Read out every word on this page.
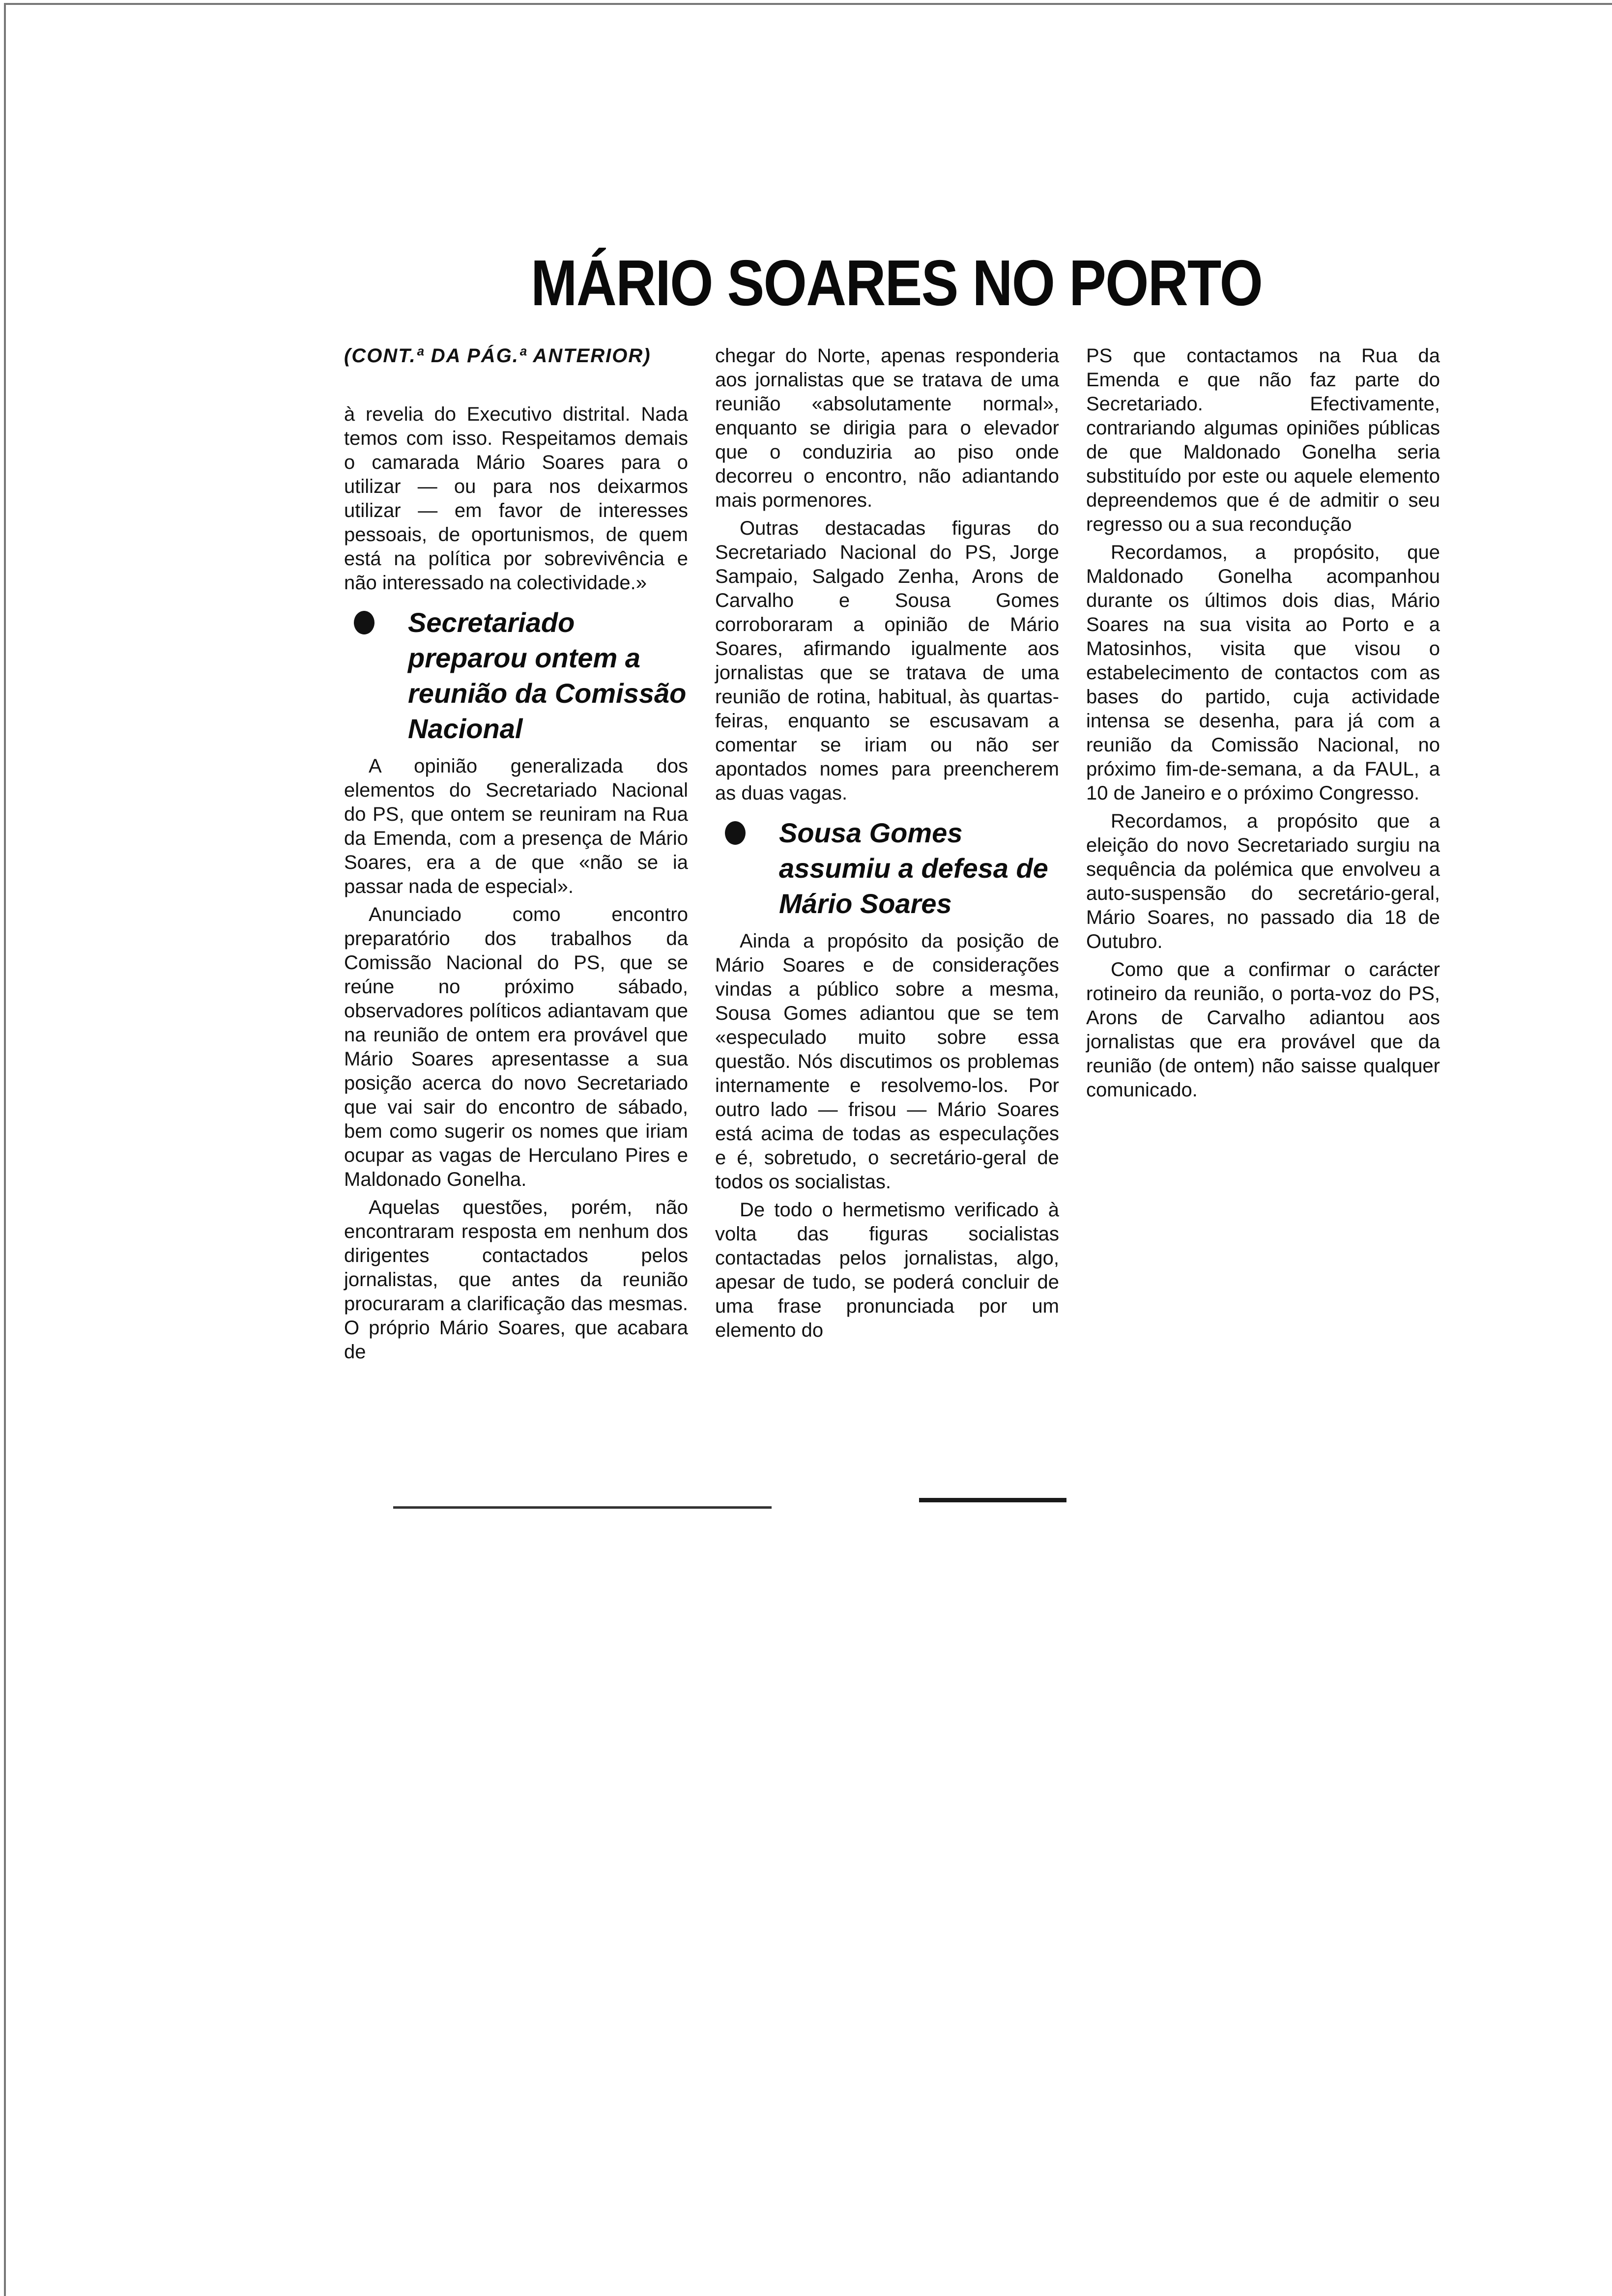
MÁRIO SOARES NO PORTO
(CONT.ª DA PÁG.ª ANTERIOR)

à revelia do Executivo distrital. Nada temos com isso. Respeitamos demais o camarada Mário Soares para o utilizar — ou para nos deixarmos utilizar — em favor de interesses pessoais, de oportunismos, de quem está na política por sobrevivência e não interessado na colectividade.»

Secretariado preparou ontem a reunião da Comissão Nacional

A opinião generalizada dos elementos do Secretariado Nacional do PS, que ontem se reuniram na Rua da Emenda, com a presença de Mário Soares, era a de que «não se ia passar nada de especial».

Anunciado como encontro preparatório dos trabalhos da Comissão Nacional do PS, que se reúne no próximo sábado, observadores políticos adiantavam que na reunião de ontem era provável que Mário Soares apresentasse a sua posição acerca do novo Secretariado que vai sair do encontro de sábado, bem como sugerir os nomes que iriam ocupar as vagas de Herculano Pires e Maldonado Gonelha.

Aquelas questões, porém, não encontraram resposta em nenhum dos dirigentes contactados pelos jornalistas, que antes da reunião procuraram a clarificação das mesmas. O próprio Mário Soares, que acabara de

chegar do Norte, apenas responderia aos jornalistas que se tratava de uma reunião «absolutamente normal», enquanto se dirigia para o elevador que o conduziria ao piso onde decorreu o encontro, não adiantando mais pormenores.

Outras destacadas figuras do Secretariado Nacional do PS, Jorge Sampaio, Salgado Zenha, Arons de Carvalho e Sousa Gomes corroboraram a opinião de Mário Soares, afirmando igualmente aos jornalistas que se tratava de uma reunião de rotina, habitual, às quartas-feiras, enquanto se escusavam a comentar se iriam ou não ser apontados nomes para preencherem as duas vagas.

Sousa Gomes assumiu a defesa de Mário Soares

Ainda a propósito da posição de Mário Soares e de considerações vindas a público sobre a mesma, Sousa Gomes adiantou que se tem «especulado muito sobre essa questão. Nós discutimos os problemas internamente e resolvemo-los. Por outro lado — frisou — Mário Soares está acima de todas as especulações e é, sobretudo, o secretário-geral de todos os socialistas.

De todo o hermetismo verificado à volta das figuras socialistas contactadas pelos jornalistas, algo, apesar de tudo, se poderá concluir de uma frase pronunciada por um elemento do

PS que contactamos na Rua da Emenda e que não faz parte do Secretariado. Efectivamente, contrariando algumas opiniões públicas de que Maldonado Gonelha seria substituído por este ou aquele elemento depreendemos que é de admitir o seu regresso ou a sua recondução

Recordamos, a propósito, que Maldonado Gonelha acompanhou durante os últimos dois dias, Mário Soares na sua visita ao Porto e a Matosinhos, visita que visou o estabelecimento de contactos com as bases do partido, cuja actividade intensa se desenha, para já com a reunião da Comissão Nacional, no próximo fim-de-semana, a da FAUL, a 10 de Janeiro e o próximo Congresso.

Recordamos, a propósito que a eleição do novo Secretariado surgiu na sequência da polémica que envolveu a auto-suspensão do secretário-geral, Mário Soares, no passado dia 18 de Outubro.

Como que a confirmar o carácter rotineiro da reunião, o porta-voz do PS, Arons de Carvalho adiantou aos jornalistas que era provável que da reunião (de ontem) não saisse qualquer comunicado.
